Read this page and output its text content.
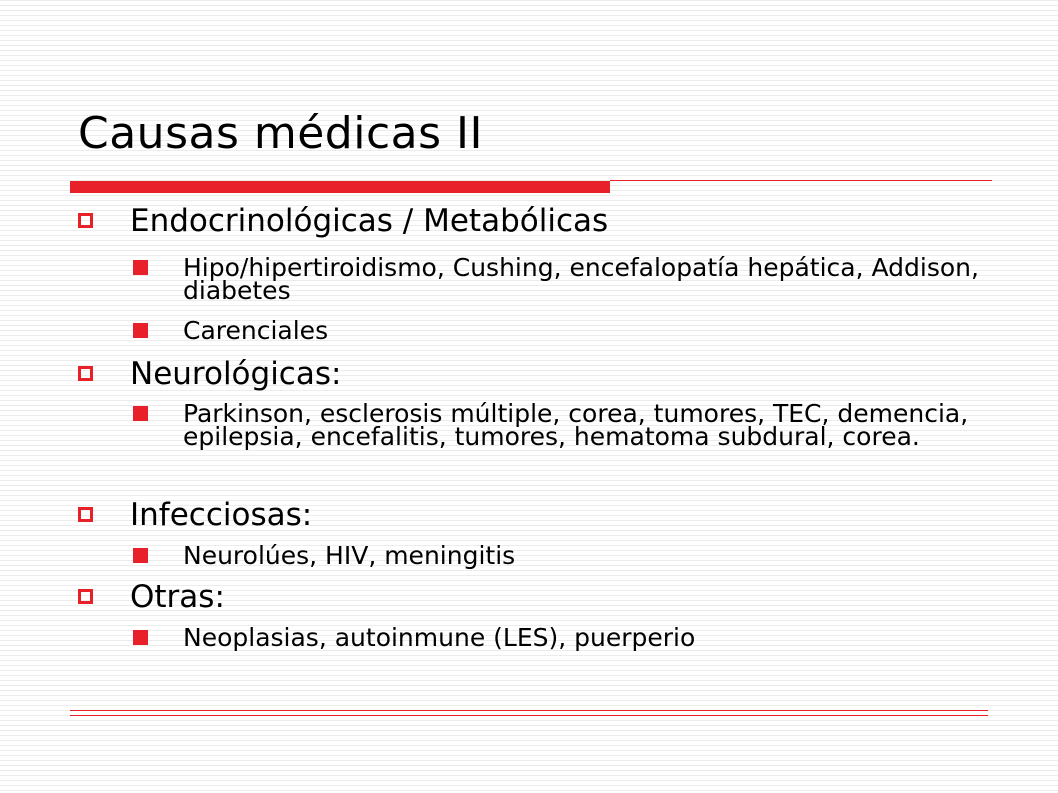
Causas médicas II
Endocrinológicas / Metabólicas
Hipo/hipertiroidismo, Cushing, encefalopatía hepática, Addison, diabetes
Carenciales
Neurológicas:
Parkinson, esclerosis múltiple, corea, tumores, TEC, demencia, epilepsia, encefalitis, tumores, hematoma subdural, corea.
Infecciosas:
Neurolúes, HIV, meningitis
Otras:
Neoplasias, autoinmune (LES), puerperio
